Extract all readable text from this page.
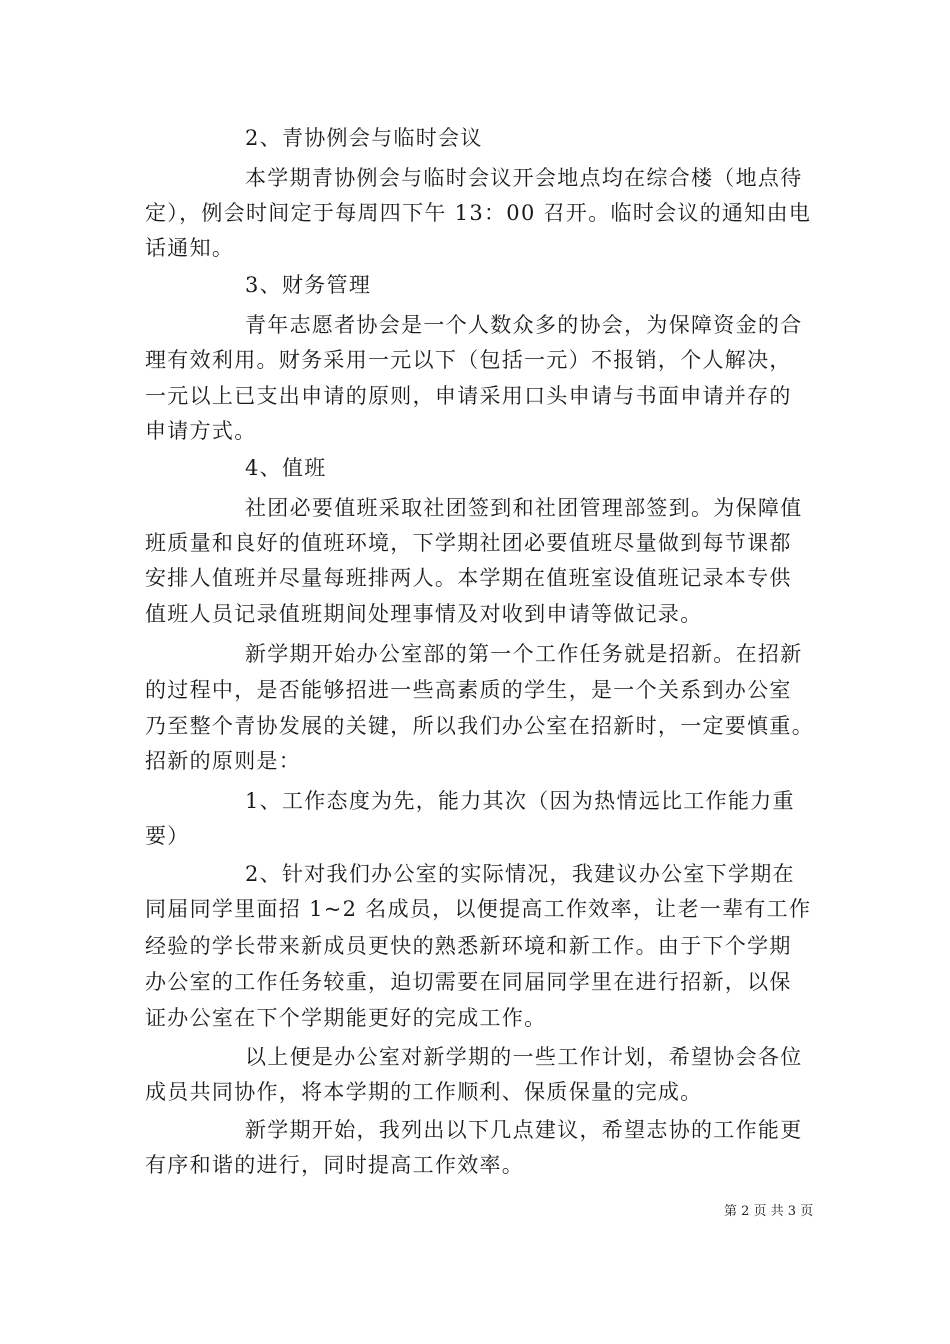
2、青协例会与临时会议
本学期青协例会与临时会议开会地点均在综合楼（地点待
定），例会时间定于每周四下午 13：00 召开。临时会议的通知由电
话通知。
3、财务管理
青年志愿者协会是一个人数众多的协会，为保障资金的合
理有效利用。财务采用一元以下（包括一元）不报销，个人解决，
一元以上已支出申请的原则，申请采用口头申请与书面申请并存的
申请方式。
4、值班
社团必要值班采取社团签到和社团管理部签到。为保障值
班质量和良好的值班环境，下学期社团必要值班尽量做到每节课都
安排人值班并尽量每班排两人。本学期在值班室设值班记录本专供
值班人员记录值班期间处理事情及对收到申请等做记录。
新学期开始办公室部的第一个工作任务就是招新。在招新
的过程中，是否能够招进一些高素质的学生，是一个关系到办公室
乃至整个青协发展的关键，所以我们办公室在招新时，一定要慎重。
招新的原则是：
1、工作态度为先，能力其次（因为热情远比工作能力重
要）
2、针对我们办公室的实际情况，我建议办公室下学期在
同届同学里面招 1~2 名成员，以便提高工作效率，让老一辈有工作
经验的学长带来新成员更快的熟悉新环境和新工作。由于下个学期
办公室的工作任务较重，迫切需要在同届同学里在进行招新，以保
证办公室在下个学期能更好的完成工作。
以上便是办公室对新学期的一些工作计划，希望协会各位
成员共同协作，将本学期的工作顺利、保质保量的完成。
新学期开始，我列出以下几点建议，希望志协的工作能更
有序和谐的进行，同时提高工作效率。
第 2 页 共 3 页
